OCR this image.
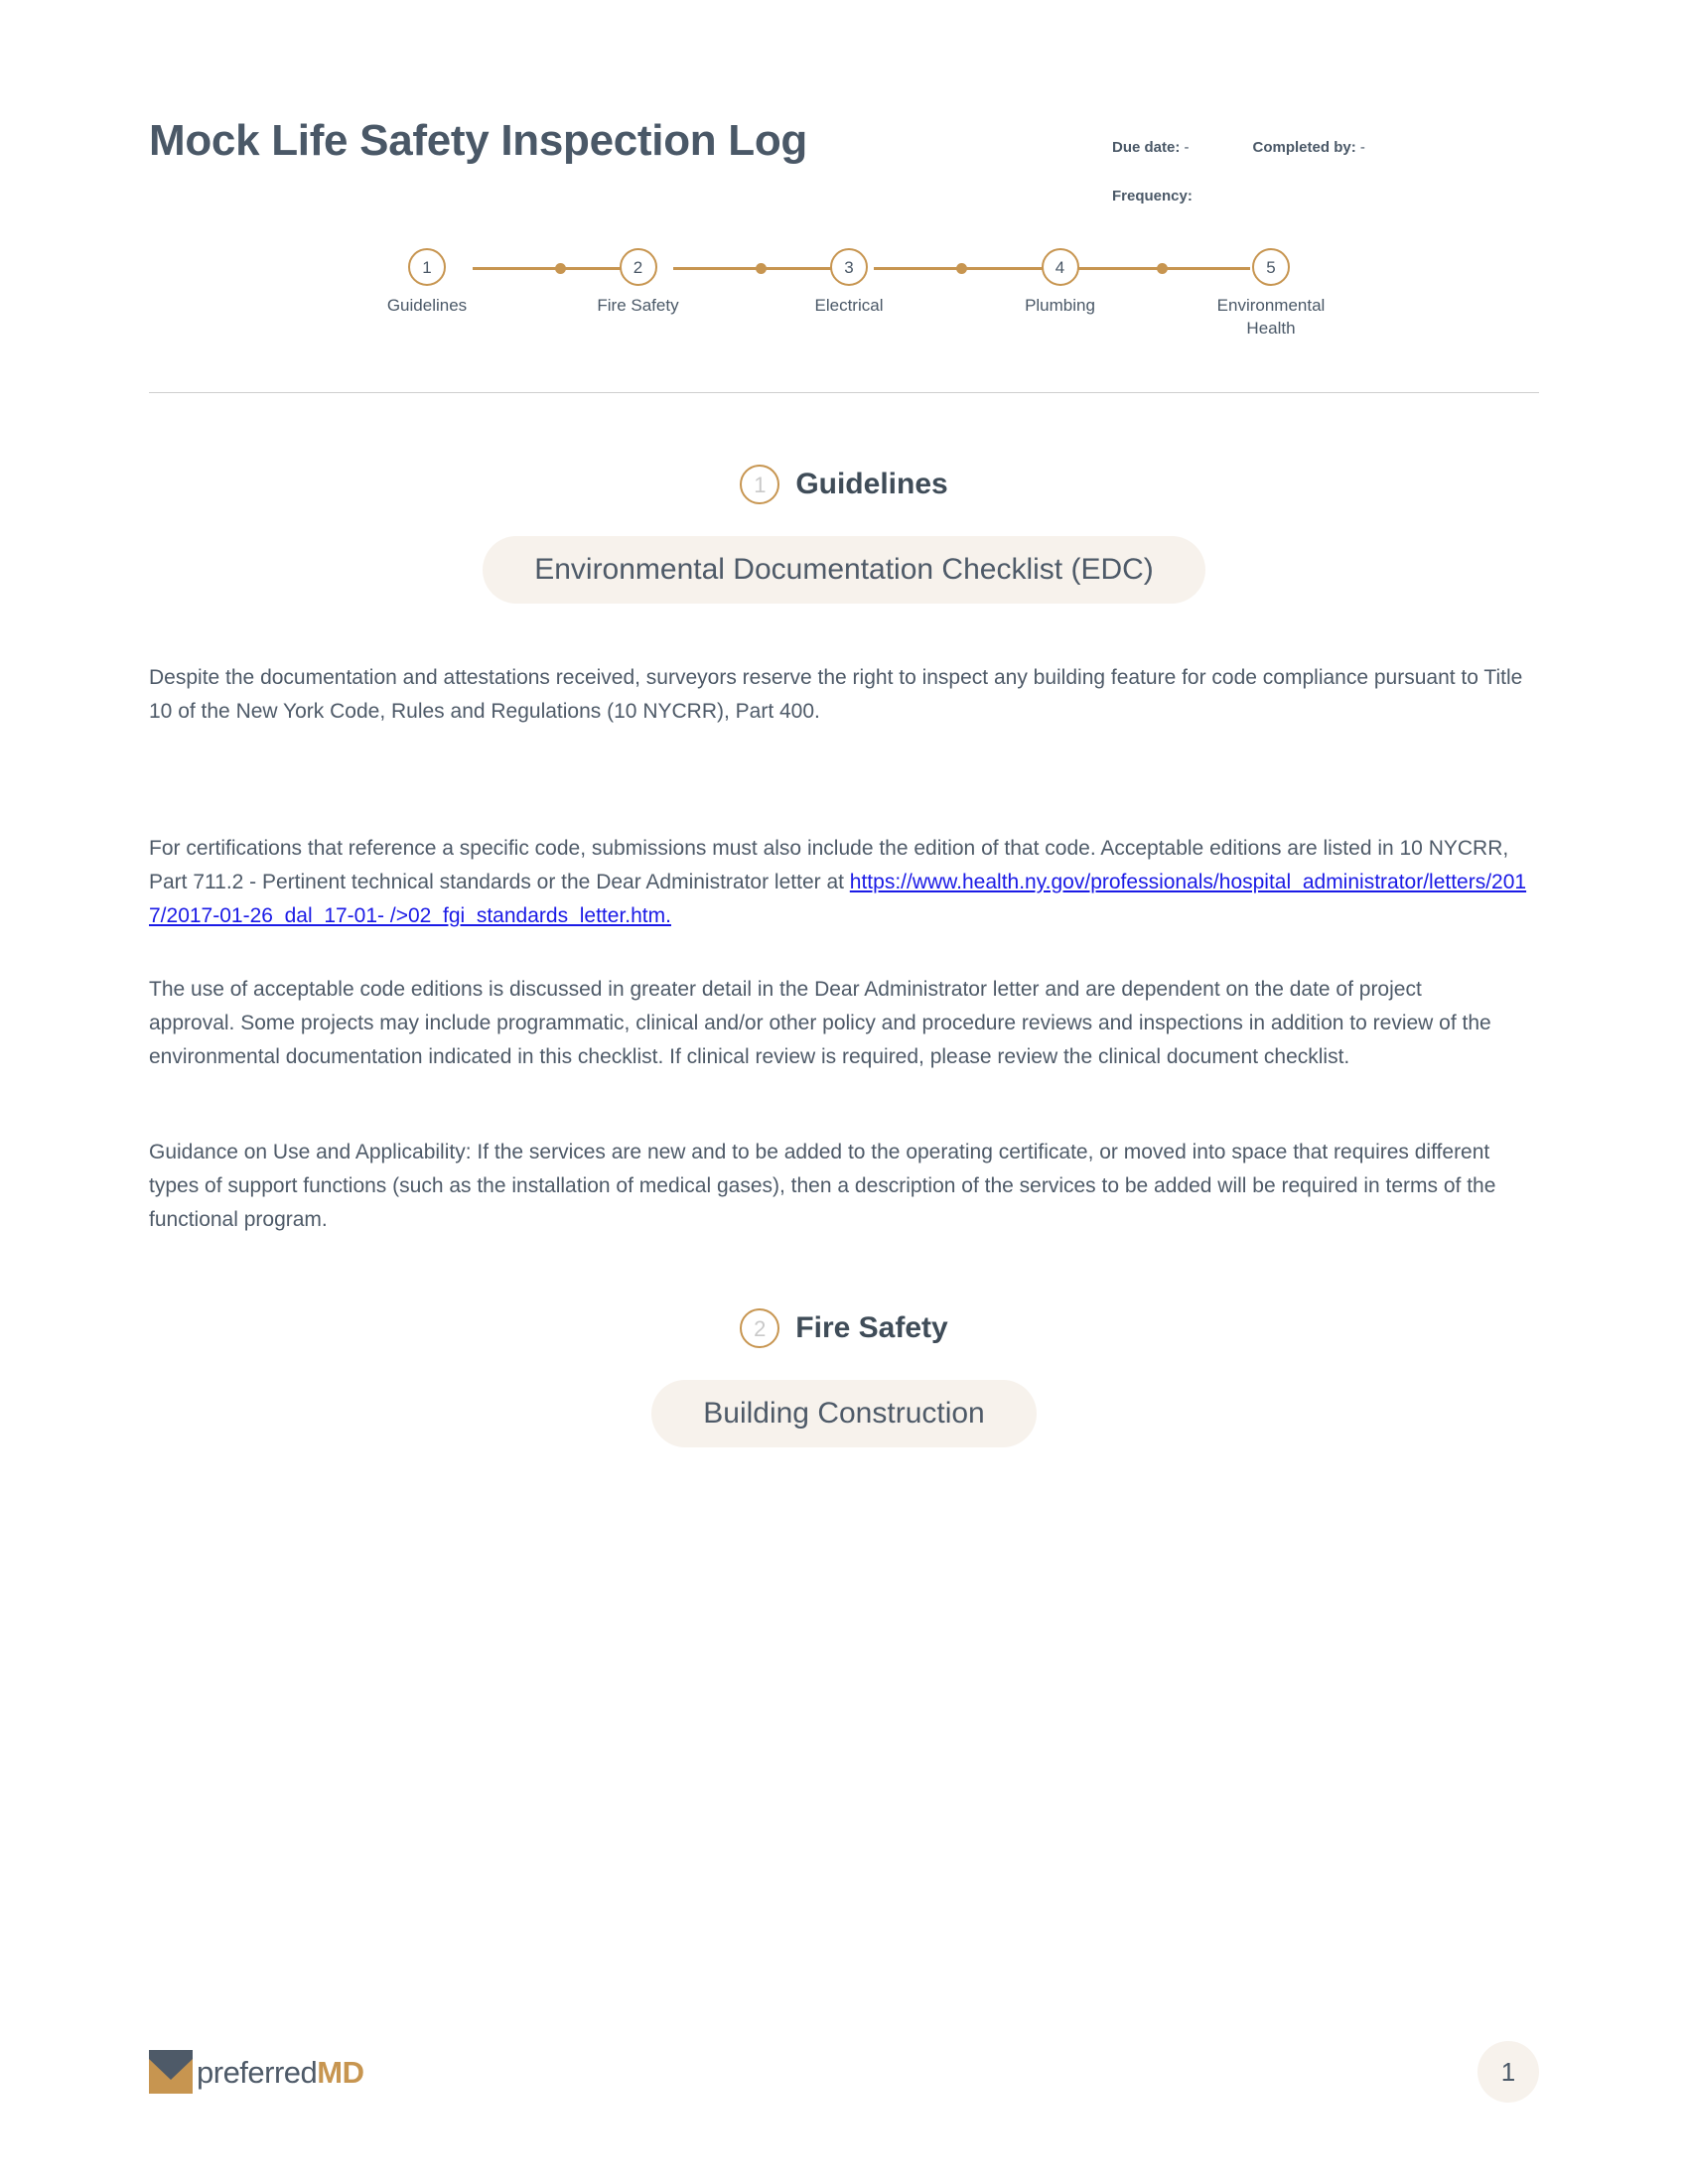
Mock Life Safety Inspection Log	Due date: -	Completed by: -
Frequency:
1
Guidelines
2
Fire Safety
3
Electrical
4
Plumbing
5
Environmental Health
1 Guidelines
Environmental Documentation Checklist (EDC)

Despite the documentation and attestations received, surveyors reserve the right to inspect any building feature for code compliance pursuant to Title 10 of the New York Code, Rules and Regulations (10 NYCRR), Part 400.

For certifications that reference a specific code, submissions must also include the edition of that code. Acceptable editions are listed in 10 NYCRR, Part 711.2 - Pertinent technical standards or the Dear Administrator letter at https://www.health.ny.gov/professionals/hospital_administrator/letters/2017/2017-01-26_dal_17-01- />02_fgi_standards_letter.htm.

The use of acceptable code editions is discussed in greater detail in the Dear Administrator letter and are dependent on the date of project
approval. Some projects may include programmatic, clinical and/or other policy and procedure reviews and inspections in addition to review of the environmental documentation indicated in this checklist. If clinical review is required, please review the clinical document checklist.

Guidance on Use and Applicability: If the services are new and to be added to the operating certificate, or moved into space that requires different types of support functions (such as the installation of medical gases), then a description of the services to be added will be required in terms of the functional program.

2 Fire Safety
Building Construction
preferredMD	1
